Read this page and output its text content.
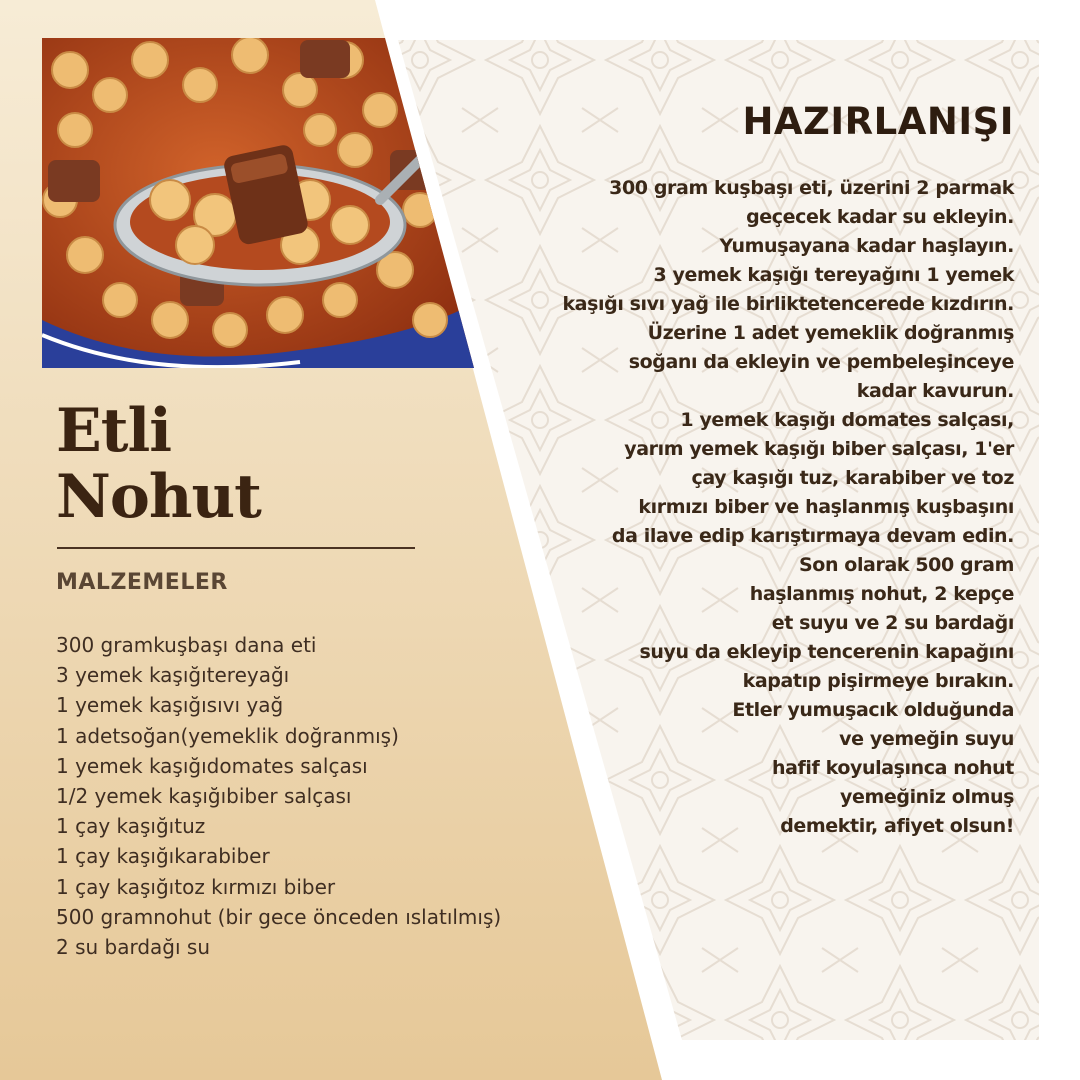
Etli
Nohut
MALZEMELER
300 gramkuşbaşı dana eti
3 yemek kaşığıtereyağı
1 yemek kaşığısıvı yağ
1 adetsoğan(yemeklik doğranmış)
1 yemek kaşığıdomates salçası
1/2 yemek kaşığıbiber salçası
1 çay kaşığıtuz
1 çay kaşığıkarabiber
1 çay kaşığıtoz kırmızı biber
500 gramnohut (bir gece önceden ıslatılmış)
2 su bardağı su
HAZIRLANIŞI
300 gram kuşbaşı eti, üzerini 2 parmak
geçecek kadar su ekleyin.
Yumuşayana kadar haşlayın.
3 yemek kaşığı tereyağını 1 yemek
kaşığı sıvı yağ ile birliktetencerede kızdırın.
Üzerine 1 adet yemeklik doğranmış
soğanı da ekleyin ve pembeleşinceye
kadar kavurun.
1 yemek kaşığı domates salçası,
yarım yemek kaşığı biber salçası, 1'er
çay kaşığı tuz, karabiber ve toz
kırmızı biber ve haşlanmış kuşbaşını
da ilave edip karıştırmaya devam edin.
Son olarak 500 gram
haşlanmış nohut, 2 kepçe
et suyu ve 2 su bardağı
suyu da ekleyip tencerenin kapağını
kapatıp pişirmeye bırakın.
Etler yumuşacık olduğunda
ve yemeğin suyu
hafif koyulaşınca nohut
yemeğiniz olmuş
demektir, afiyet olsun!
